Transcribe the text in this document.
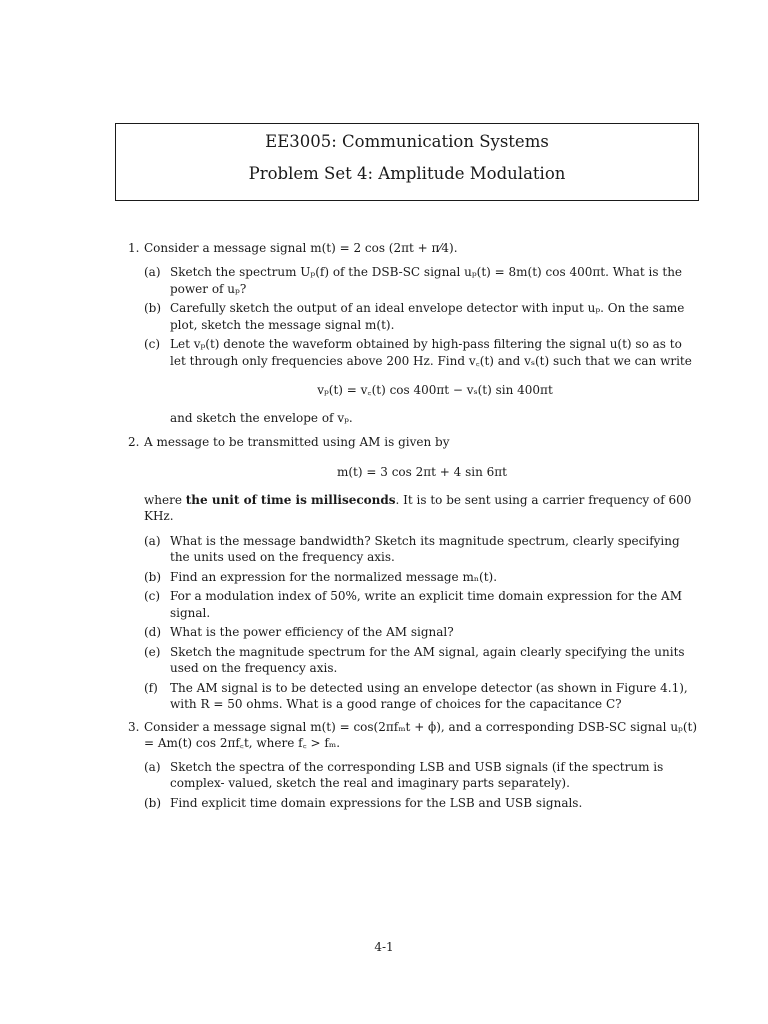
EE3005: Communication Systems
Problem Set 4: Amplitude Modulation
1. Consider a message signal m(t) = 2 cos (2πt + π⁄4).
(a) Sketch the spectrum Uₚ(f) of the DSB-SC signal uₚ(t) = 8m(t) cos 400πt. What is the power of uₚ?
(b) Carefully sketch the output of an ideal envelope detector with input uₚ. On the same plot, sketch the message signal m(t).
(c) Let vₚ(t) denote the waveform obtained by high-pass filtering the signal u(t) so as to let through only frequencies above 200 Hz. Find v꜀(t) and vₛ(t) such that we can write
vₚ(t) = v꜀(t) cos 400πt − vₛ(t) sin 400πt
and sketch the envelope of vₚ.
2. A message to be transmitted using AM is given by
m(t) = 3 cos 2πt + 4 sin 6πt
where the unit of time is milliseconds. It is to be sent using a carrier frequency of 600 KHz.
(a) What is the message bandwidth? Sketch its magnitude spectrum, clearly specifying the units used on the frequency axis.
(b) Find an expression for the normalized message mₙ(t).
(c) For a modulation index of 50%, write an explicit time domain expression for the AM signal.
(d) What is the power efficiency of the AM signal?
(e) Sketch the magnitude spectrum for the AM signal, again clearly specifying the units used on the frequency axis.
(f) The AM signal is to be detected using an envelope detector (as shown in Figure 4.1), with R = 50 ohms. What is a good range of choices for the capacitance C?
3. Consider a message signal m(t) = cos(2πfₘt + ϕ), and a corresponding DSB-SC signal uₚ(t) = Am(t) cos 2πf꜀t, where f꜀ > fₘ.
(a) Sketch the spectra of the corresponding LSB and USB signals (if the spectrum is complex- valued, sketch the real and imaginary parts separately).
(b) Find explicit time domain expressions for the LSB and USB signals.
4-1
